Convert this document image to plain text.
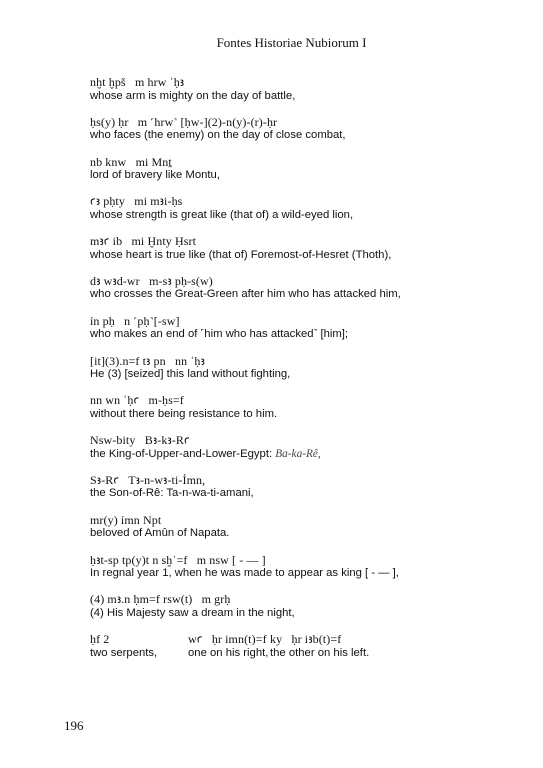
Fontes Historiae Nubiorum I
nḫt ḫpš   m hrw ʿḥꜣ
whose arm is mighty on the day of battle,
ḥs(y) ḥr   m ˹hrw˺ [ḥw-](2)-n(y)-(r)-ḥr
who faces (the enemy) on the day of close combat,
nb knw   mi Mnṯ
lord of bravery like Montu,
ꜥꜣ pḥty   mi mꜣi-ḥs
whose strength is great like (that of) a wild-eyed lion,
mꜣꜥ ib   mi Ḫnty Ḥsrt
whose heart is true like (that of) Foremost-of-Hesret (Thoth),
dꜣ wꜣd-wr   m-sꜣ pḥ-s(w)
who crosses the Great-Green after him who has attacked him,
ỉn pḥ   n ˹pḥ˺[-sw]
who makes an end of ˹him who has attacked˺ [him];
[it](3).n=f tꜣ pn   nn ʿḥꜣ
He (3) [seized] this land without fighting,
nn wn ʿḥꜥ   m-ḥs=f
without there being resistance to him.
Nsw-bity   Bꜣ-kꜣ-Rꜥ
the King-of-Upper-and-Lower-Egypt: Ba-ka-Rê,
Sꜣ-Rꜥ   Tꜣ-n-wꜣ-ti-Ỉmn,
the Son-of-Rê: Ta-n-wa-ti-amani,
mr(y) ỉmn Npt
beloved of Amûn of Napata.
ḥꜣt-sp tp(y)t n sḫʿ=f   m nsw [ - — ]
In regnal year 1, when he was made to appear as king [ - — ],
(4) mꜣ.n ḥm=f rsw(t)   m grḥ
(4) His Majesty saw a dream in the night,
ḥf 2	wꜥ   ḥr imn(t)=f ky   ḥr iꜣb(t)=f
two serpents,	one on his right, the other on his left.
196
